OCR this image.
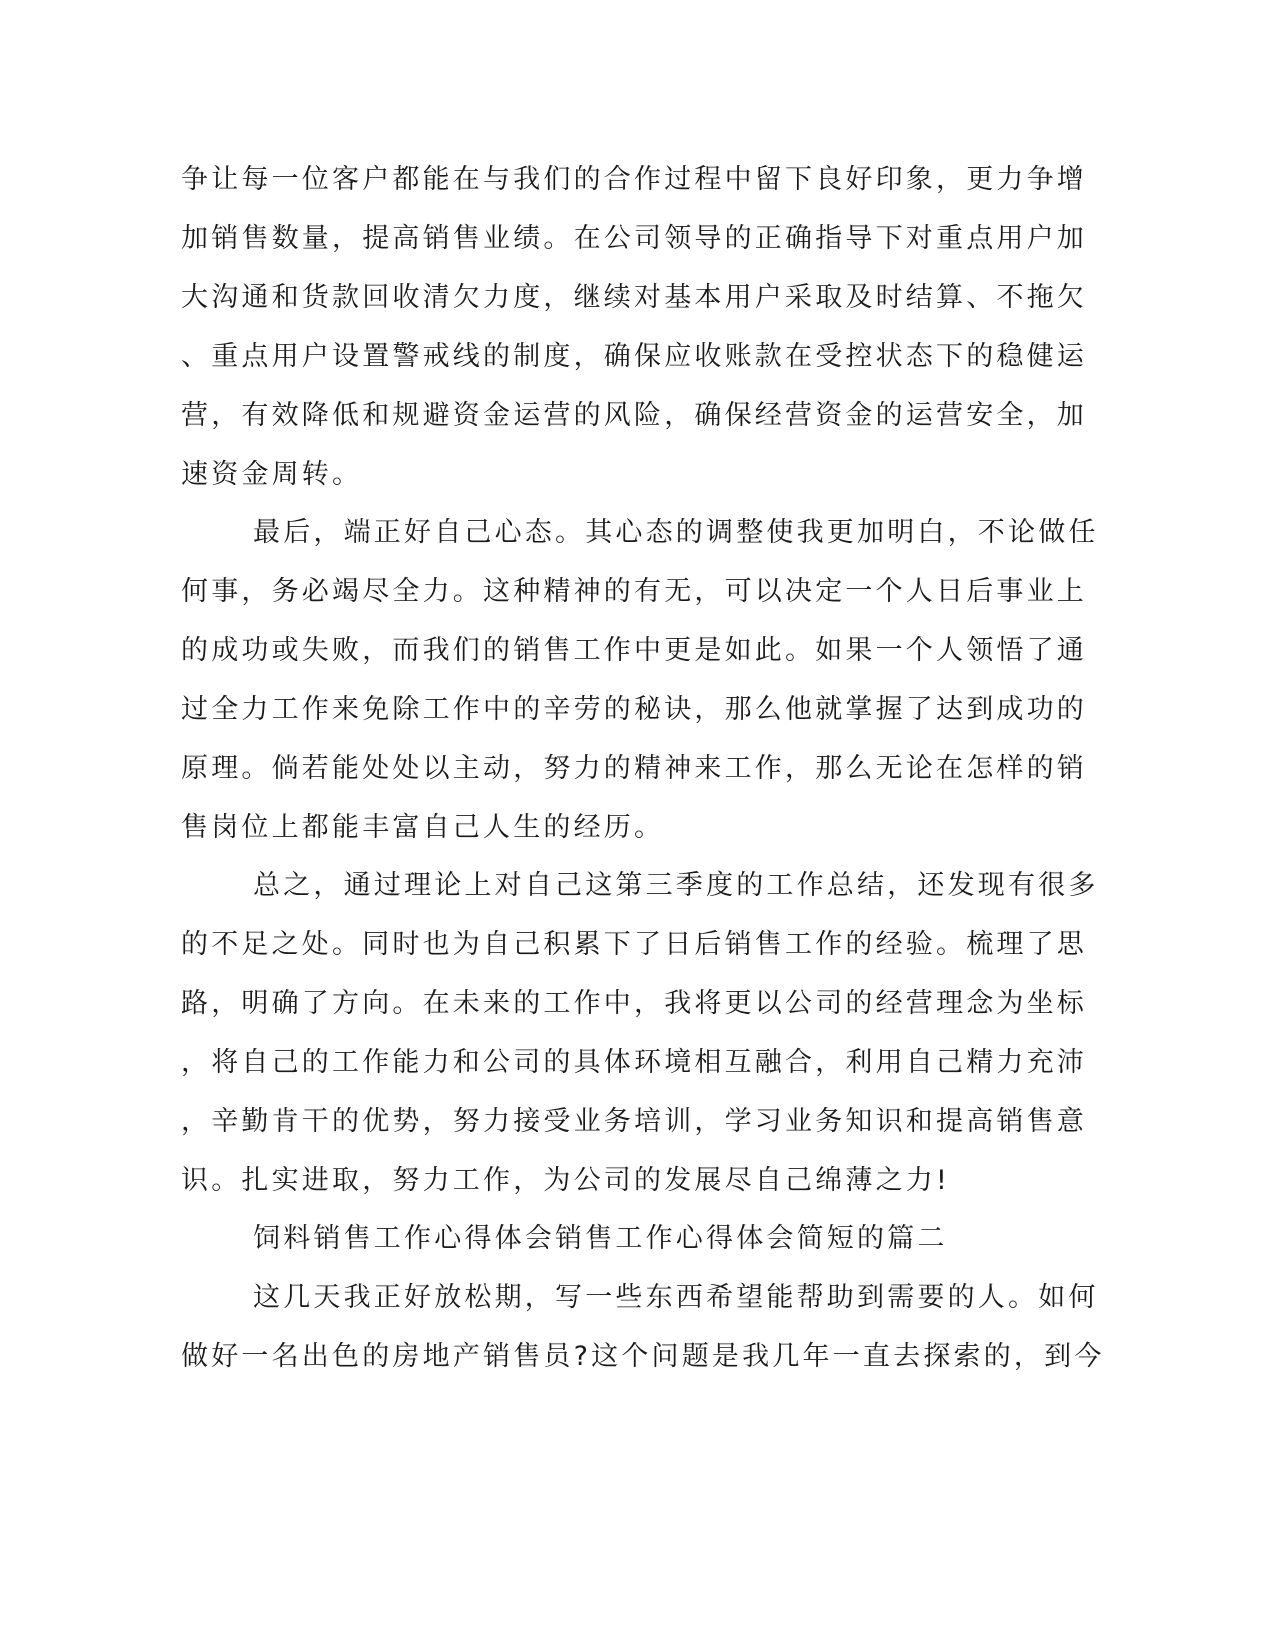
争让每一位客户都能在与我们的合作过程中留下良好印象，更力争增
加销售数量，提高销售业绩。在公司领导的正确指导下对重点用户加
大沟通和货款回收清欠力度，继续对基本用户采取及时结算、不拖欠
、重点用户设置警戒线的制度，确保应收账款在受控状态下的稳健运
营，有效降低和规避资金运营的风险，确保经营资金的运营安全，加
速资金周转。
最后，端正好自己心态。其心态的调整使我更加明白，不论做任
何事，务必竭尽全力。这种精神的有无，可以决定一个人日后事业上
的成功或失败，而我们的销售工作中更是如此。如果一个人领悟了通
过全力工作来免除工作中的辛劳的秘诀，那么他就掌握了达到成功的
原理。倘若能处处以主动，努力的精神来工作，那么无论在怎样的销
售岗位上都能丰富自己人生的经历。
总之，通过理论上对自己这第三季度的工作总结，还发现有很多
的不足之处。同时也为自己积累下了日后销售工作的经验。梳理了思
路，明确了方向。在未来的工作中，我将更以公司的经营理念为坐标
，将自己的工作能力和公司的具体环境相互融合，利用自己精力充沛
，辛勤肯干的优势，努力接受业务培训，学习业务知识和提高销售意
识。扎实进取，努力工作，为公司的发展尽自己绵薄之力!
饲料销售工作心得体会销售工作心得体会简短的篇二
这几天我正好放松期，写一些东西希望能帮助到需要的人。如何
做好一名出色的房地产销售员?这个问题是我几年一直去探索的，到今
